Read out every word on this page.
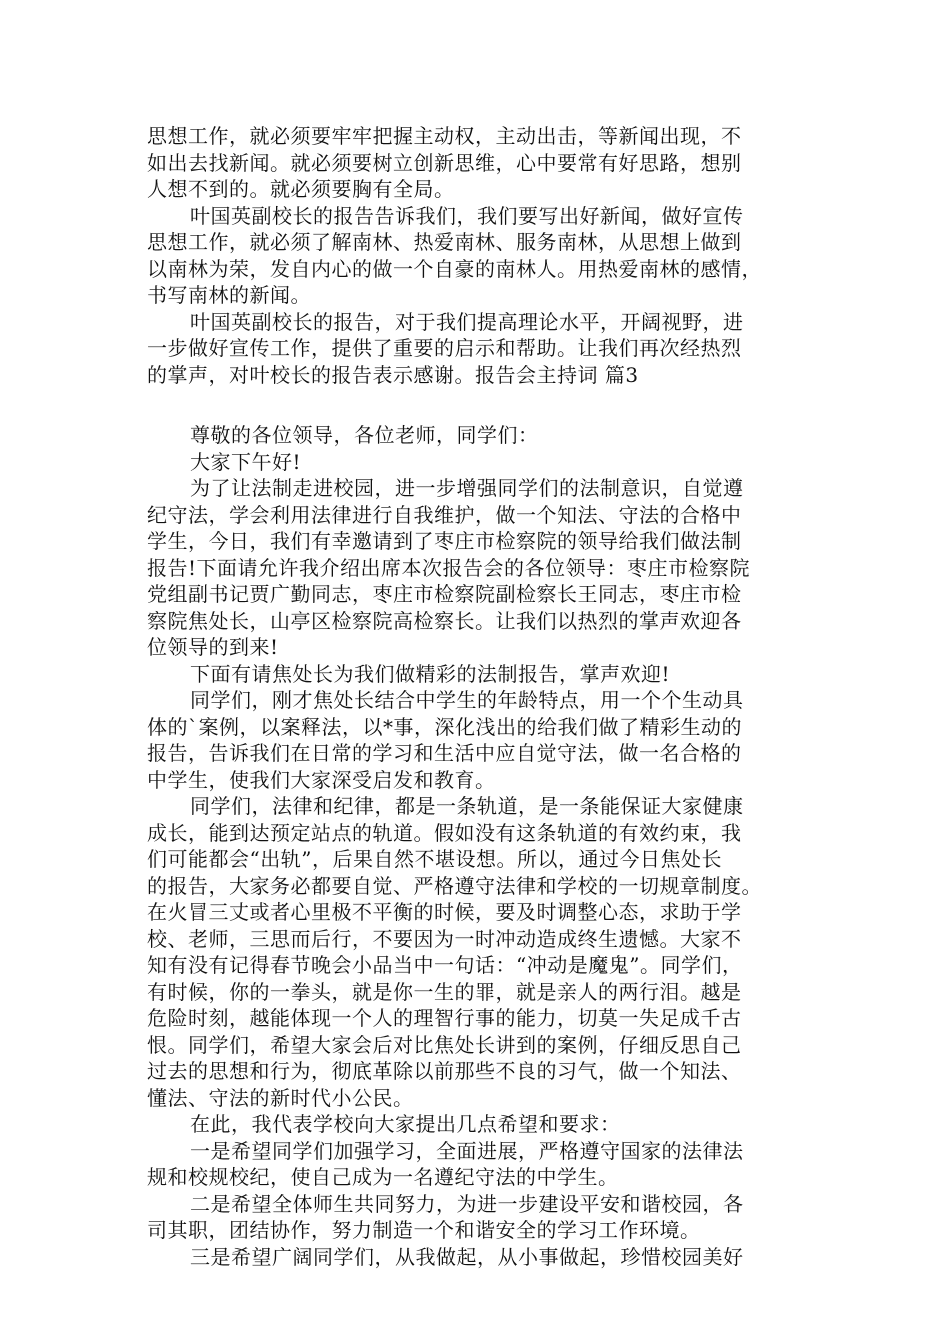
思想工作，就必须要牢牢把握主动权，主动出击，等新闻出现，不
如出去找新闻。就必须要树立创新思维，心中要常有好思路，想别
人想不到的。就必须要胸有全局。
叶国英副校长的报告告诉我们，我们要写出好新闻，做好宣传
思想工作，就必须了解南林、热爱南林、服务南林，从思想上做到
以南林为荣，发自内心的做一个自豪的南林人。用热爱南林的感情，
书写南林的新闻。
叶国英副校长的报告，对于我们提高理论水平，开阔视野，进
一步做好宣传工作，提供了重要的启示和帮助。让我们再次经热烈
的掌声，对叶校长的报告表示感谢。报告会主持词 篇3
尊敬的各位领导，各位老师，同学们：
大家下午好!
为了让法制走进校园，进一步增强同学们的法制意识，自觉遵
纪守法，学会利用法律进行自我维护，做一个知法、守法的合格中
学生，今日，我们有幸邀请到了枣庄市检察院的领导给我们做法制
报告!下面请允许我介绍出席本次报告会的各位领导：枣庄市检察院
党组副书记贾广勤同志，枣庄市检察院副检察长王同志，枣庄市检
察院焦处长，山亭区检察院高检察长。让我们以热烈的掌声欢迎各
位领导的到来!
下面有请焦处长为我们做精彩的法制报告，掌声欢迎!
同学们，刚才焦处长结合中学生的年龄特点，用一个个生动具
体的`案例，以案释法，以*事，深化浅出的给我们做了精彩生动的
报告，告诉我们在日常的学习和生活中应自觉守法，做一名合格的
中学生，使我们大家深受启发和教育。
同学们，法律和纪律，都是一条轨道，是一条能保证大家健康
成长，能到达预定站点的轨道。假如没有这条轨道的有效约束，我
们可能都会“出轨”，后果自然不堪设想。所以，通过今日焦处长
的报告，大家务必都要自觉、严格遵守法律和学校的一切规章制度。
在火冒三丈或者心里极不平衡的时候，要及时调整心态，求助于学
校、老师，三思而后行，不要因为一时冲动造成终生遗憾。大家不
知有没有记得春节晚会小品当中一句话：“冲动是魔鬼”。同学们，
有时候，你的一拳头，就是你一生的罪，就是亲人的两行泪。越是
危险时刻，越能体现一个人的理智行事的能力，切莫一失足成千古
恨。同学们，希望大家会后对比焦处长讲到的案例，仔细反思自己
过去的思想和行为，彻底革除以前那些不良的习气，做一个知法、
懂法、守法的新时代小公民。
在此，我代表学校向大家提出几点希望和要求：
一是希望同学们加强学习，全面进展，严格遵守国家的法律法
规和校规校纪，使自己成为一名遵纪守法的中学生。
二是希望全体师生共同努力，为进一步建设平安和谐校园，各
司其职，团结协作，努力制造一个和谐安全的学习工作环境。
三是希望广阔同学们，从我做起，从小事做起，珍惜校园美好
